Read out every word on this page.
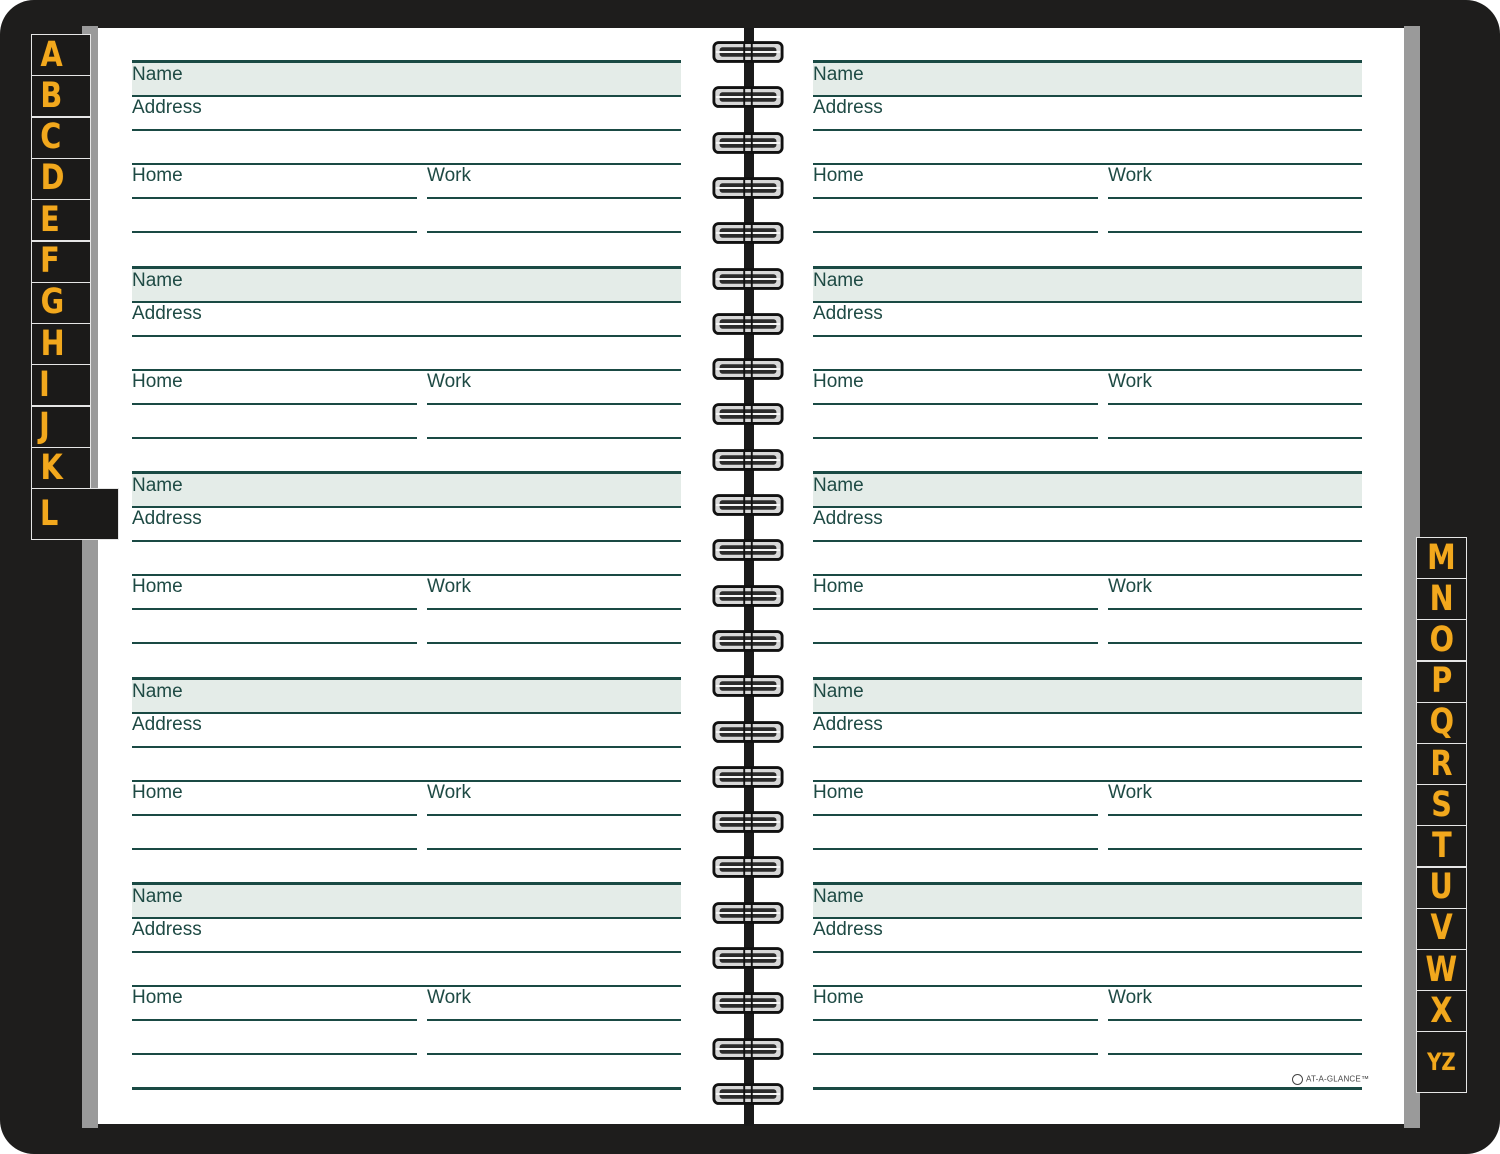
A
B
C
D
E
F
G
H
I
J
K
L
M
N
O
P
Q
R
S
T
U
V
W
X
YZ
Name
Address
Home	Work
Name
Address
Home	Work
Name
Address
Home	Work
Name
Address
Home	Work
Name
Address
Home	Work
Name
Address
Home	Work
Name
Address
Home	Work
Name
Address
Home	Work
Name
Address
Home	Work
Name
Address
Home	Work
AT-A-GLANCE™
